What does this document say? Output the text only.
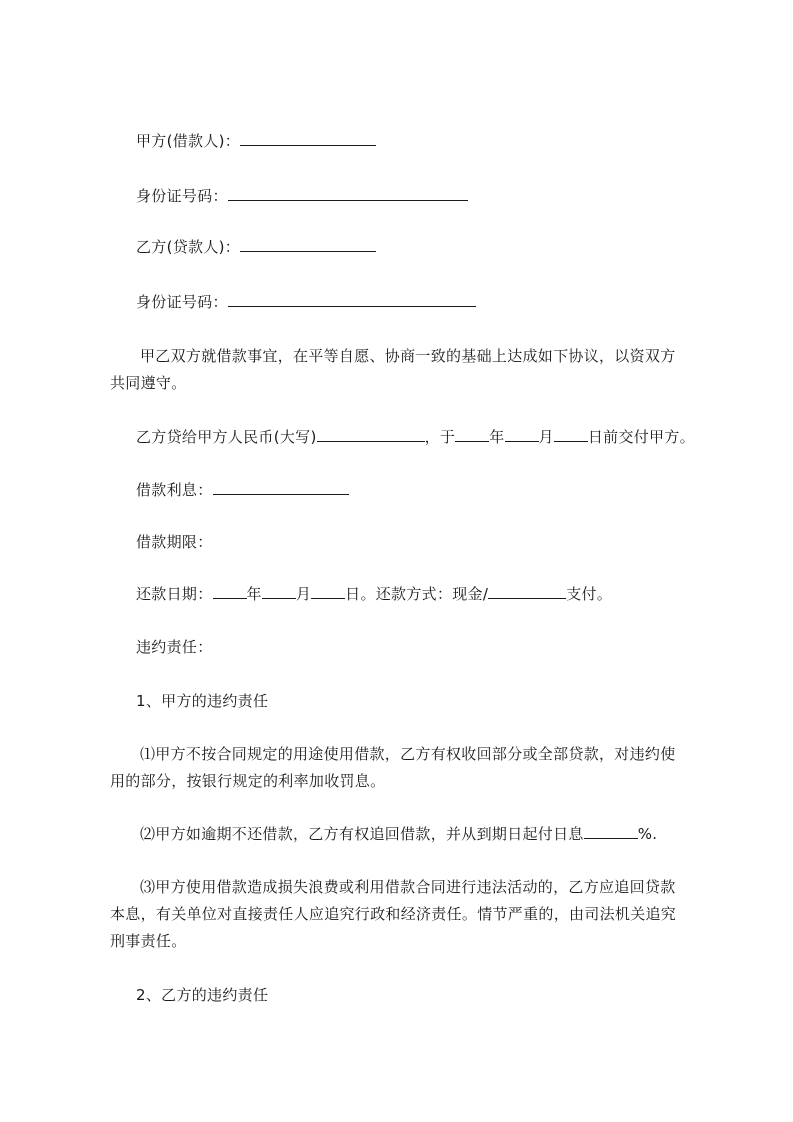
甲方(借款人)：
身份证号码：
乙方(贷款人)：
身份证号码：
甲乙双方就借款事宜，在平等自愿、协商一致的基础上达成如下协议，以资双方
共同遵守。
乙方贷给甲方人民币(大写)	，于 年 月 日前交付甲方。
借款利息：
借款期限：
还款日期： 年 月 日。还款方式：现金/	支付。
违约责任：
1、甲方的违约责任
⑴甲方不按合同规定的用途使用借款，乙方有权收回部分或全部贷款，对违约使
用的部分，按银行规定的利率加收罚息。
⑵甲方如逾期不还借款，乙方有权追回借款，并从到期日起付日息	%.
⑶甲方使用借款造成损失浪费或利用借款合同进行违法活动的，乙方应追回贷款
本息，有关单位对直接责任人应追究行政和经济责任。情节严重的，由司法机关追究
刑事责任。
2、乙方的违约责任
